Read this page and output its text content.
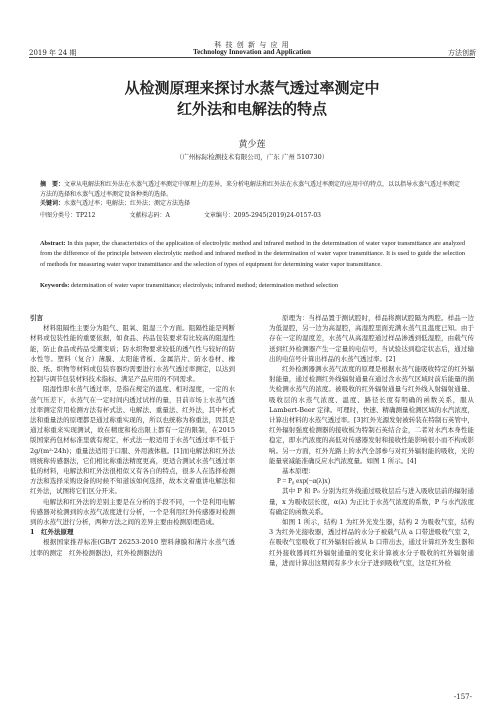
科 技 创 新 与 应 用
2019 年 24 期	Technology Innovation and Application	方法创新
从检测原理来探讨水蒸气透过率测定中
红外法和电解法的特点
黄少莲
（广州标际检测技术有限公司，广东 广州 510730）
摘　要：文章从电解法和红外法在水蒸气透过率测定中原理上的差异，来分析电解法和红外法在水蒸气透过率测定的应用中的特点，以以指导水蒸气透过率测定方法的选择和水蒸气透过率测定设备种类的选择。
关键词：水蒸气透过率；电解法；红外法；测定方法选择
中图分类号：TP212	文献标志码：A	文章编号：2095-2945(2019)24-0157-03
Abstract: In this paper, the characteristics of the application of electrolytic method and infrared method in the determination of water vapor transmittance are analyzed from the difference of the principle between electrolytic method and infrared method in the determination of water vapor transmittance. It is used to guide the selection of methods for measuring water vapor transmittance and the selection of types of equipment for determining water vapor transmittance.
Keywords: determination of water vapor transmittance; electrolysis; infrared method; determination method selection

引言

材料阻隔性主要分为阻气、阻氧、阻湿三个方面。阻隔性能是判断材料或包装性能的重要依据，如食品、药品包装要求有比较高的阻湿性能，防止食品或药品受潮变质；防水织物要求较低的透气性与较好的防水性等。塑料（复合）薄膜、太阳能背板、金属箔片、防水卷材、橡胶、纸、织物等材料或包装容器均需要进行水蒸气透过率测定，以达到控制与调节包装材料技术指标、满足产品应用的不同需求。

阻湿性即水蒸气透过率，是指在规定的温度、相对湿度，一定的水蒸气压差下，水蒸气在一定时间内透过试样的量，目前市场上水蒸气透过率测定常用检测方法有杯式法、电解法、重量法、红外法，其中杯式法和重量法的原理都是通过称重实现的，所以也统称为称重法，因其是通过称重来实现测试，故在精度和检出限上都有一定的限制，在2015版国家药包材标准里就有规定，杯式法一般适用于水蒸气透过率不低于 2g/(m²·24h)；重量法适用于口服、外用液体瓶。[1]而电解法和红外法则统称传感器法，它们相比称重法精度更高，更适合测试水蒸气透过率低的材料，电解法和红外法很相似又有各自的特点，很多人在选择检测方法和选择采购设备的时候不知道该如何选择，故本文着重讲电解法和红外法，试图将它们区分开来。

电解法和红外法的差别主要是在分析的手段不同，一个是利用电解传感器对检测到的水蒸气浓度进行分析，一个是利用红外传感器对检测到的水蒸气进行分析，两种方法之间的差异主要由检测原理造成。

1　红外法原理

根据国家推荐标准(GB/T 26253-2010 塑料薄膜和薄片水蒸气透过率的测定　红外检测器法)，红外检测器法的

原理为：当样品置于测试腔时，样品将测试腔隔为两腔。样品一边为低湿腔，另一边为高湿腔，高湿腔里面充满水蒸气且温度已知。由于存在一定的湿度差，水蒸气从高湿腔通过样品渗透到低湿腔，由载气传送到红外检测器产生一定量的电信号，当试验达到稳定状态后，通过输出的电信号计算出样品的水蒸气透过率。[2]

红外检测器测水蒸气浓度的原理是根据水蒸气能吸收特定的红外辐射能量，通过检测红外线辐射通量在通过含水蒸气区域时前后能量的损失检测水蒸气的浓度。被吸收的红外辐射通量与红外线入射辐射通量、吸收层的水蒸气浓度、温度、路径长度有明确的函数关系，服从 Lambert-Beer 定律。可理时，快速、精确测量检测区域的水汽浓度，计算出材料的水蒸气透过率。[3]红外光源发射被转装在特制石英管中，红外辐射强度检测器的接收板为特制石英结合金，二者对水汽本身性能稳定，即水汽浓度的高低对传感器发射和接收性能影响很小而不构成影响。另一方面，红外光路上的水汽全部参与对红外辐射能的吸收，光的能量衰减能准确反应水汽浓度量。如图 1 所示。[4]

基本原理：

P = P₀ exp(−α(λ)x)

其中 P 和 P₀ 分别为红外线通过吸收层后与进入吸收层前的辐射通量，x 为吸收层长度，α(λ) 为正比于水蒸气浓度的系数，P 与水汽浓度有确定的函数关系。

如图 1 所示，结构 1 为红外光发生器，结构 2 为吸收气室，结构 3 为红外光接收器，透过样品的水分子被载气从 a 口带进吸收气室 2，在吸收气室吸收了红外辐射后被从 b 口带出去，通过计算红外发生器和红外接收器间红外辐射通量的变化来计算被水分子吸收的红外辐射通量，进而计算出这期间有多少水分子进到吸收气室，这是红外检

-157-
